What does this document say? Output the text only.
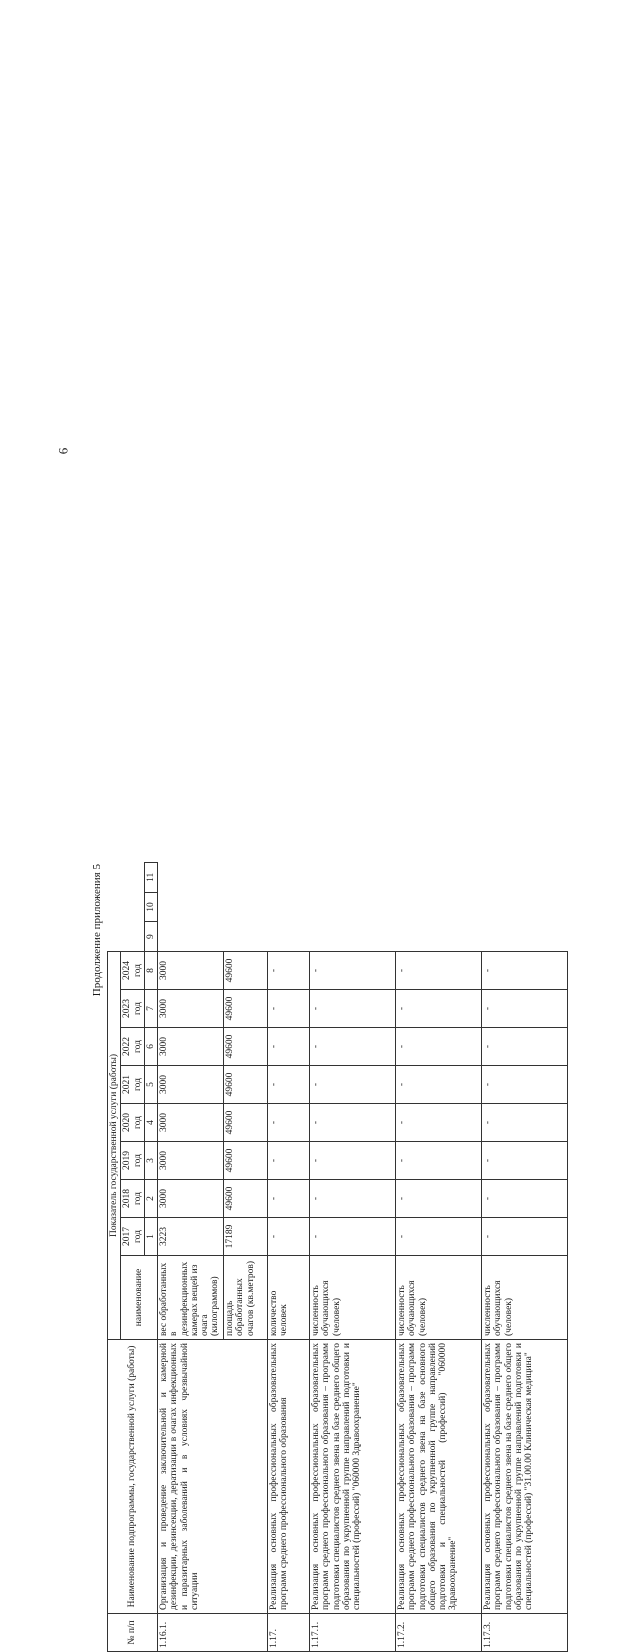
6
Продолжение приложения 5
№ п/п	Наименование подпрограммы, государственной услуги (работы)	Показатель государственной услуги (работы)											
		наименование	2017 год	2018 год	2019 год	2020 год	2021 год	2022 год	2023 год	2024 год			
			1	2	3	4	5	6	7	8	9	10	11
1.16.1.	Организация и проведение заключительной и камерной дезинфекции, дезинсекции, дератизации в очагах инфекционных и паразитарных заболеваний и в условиях чрезвычайной ситуации	вес обработанных в дезинфекционных камерах вещей из очага (килограммов)	3223	3000	3000	3000	3000	3000	3000	3000			
		площадь обработанных очагов (кв.метров)	17189	49600	49600	49600	49600	49600	49600	49600			
1.17.	Реализация основных профессиональных образовательных программ среднего профессионального образования	количество человек	-	-	-	-	-	-	-	-			
1.17.1.	Реализация основных профессиональных образовательных программ среднего профессионального образования – программ подготовки специалистов среднего звена на базе среднего общего образования по укрупненной группе направлений подготовки и специальностей (профессий) "060000 Здравоохранение"	численность обучающихся (человек)	-	-	-	-	-	-	-	-			
1.17.2.	Реализация основных профессиональных образовательных программ среднего профессионального образования – программ подготовки специалистов среднего звена на базе основного общего образования по укрупненной группе направлений подготовки и специальностей (профессий) "060000 Здравоохранение"	численность обучающихся (человек)	-	-	-	-	-	-	-	-			
1.17.3.	Реализация основных профессиональных образовательных программ среднего профессионального образования – программ подготовки специалистов среднего звена на базе среднего общего образования по укрупненной группе направлений подготовки и специальностей (профессий) "31.00.00 Клиническая медицина"	численность обучающихся (человек)	-	-	-	-	-	-	-	-			
